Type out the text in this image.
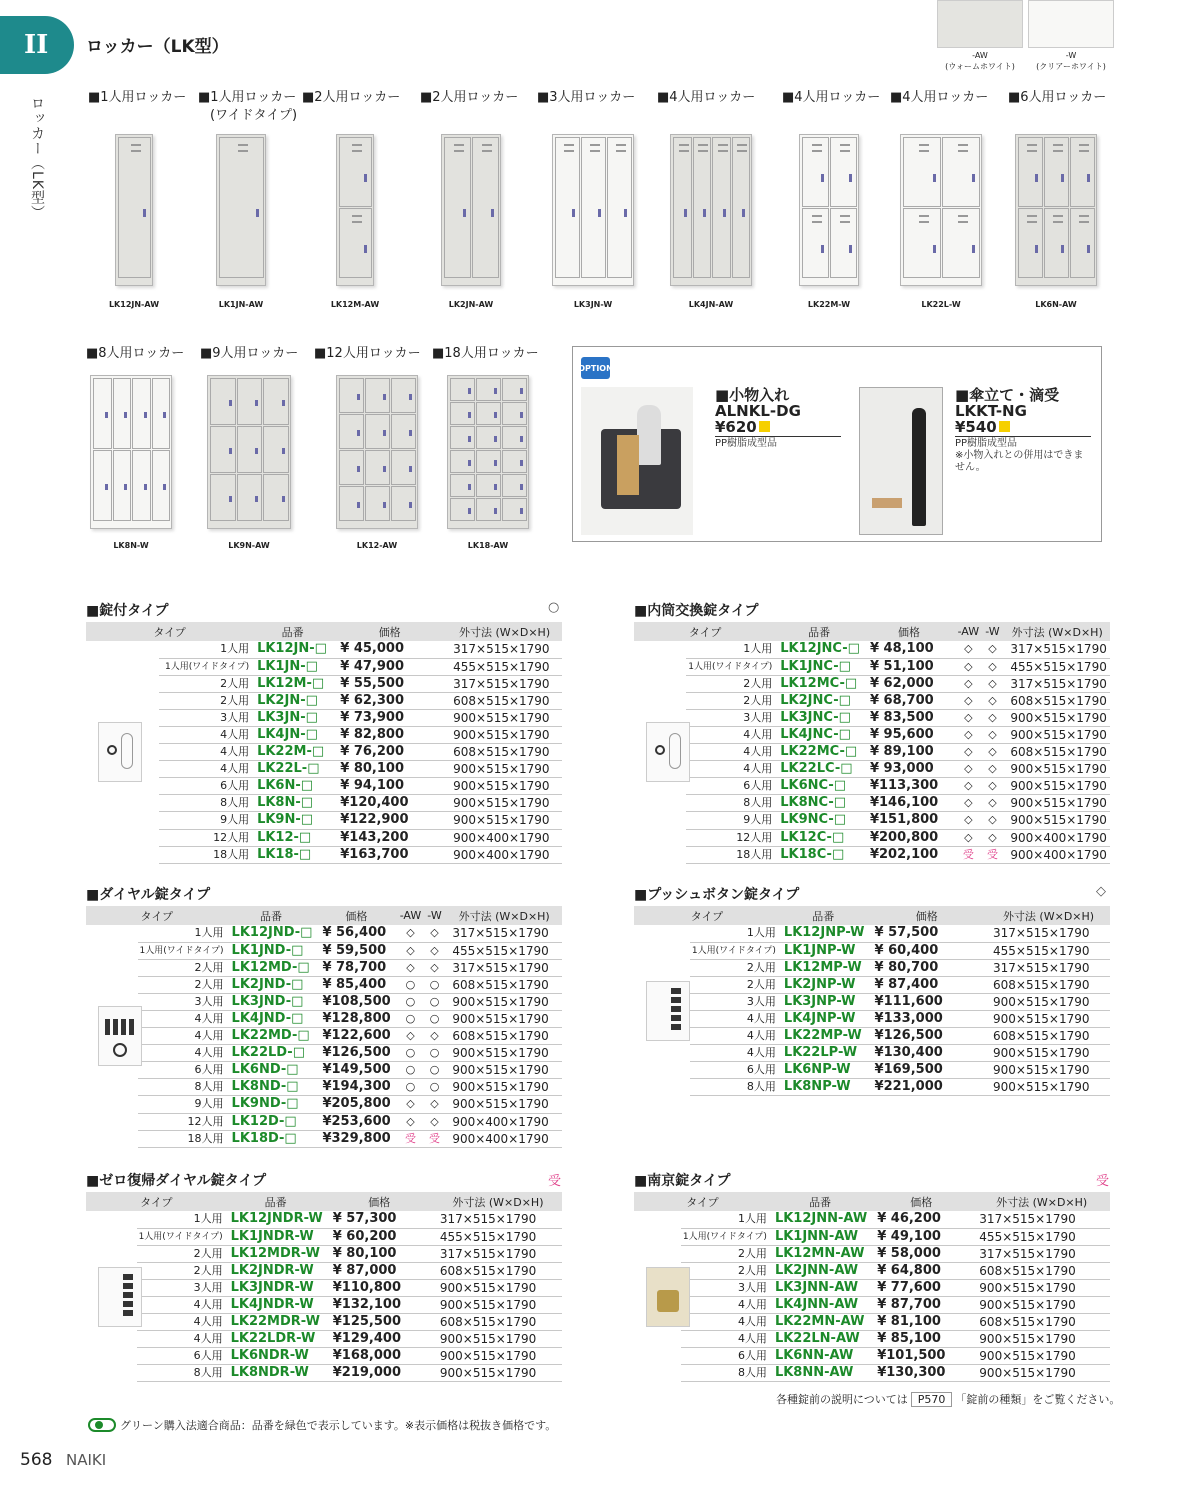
II ロッカー（LK型）
ロッカー（LK型）
-AW
(ウォームホワイト)
-W
(クリアーホワイト)
■1人用ロッカー
LK12JN-AW
■1人用ロッカー
(ワイドタイプ)
LK1JN-AW
■2人用ロッカー
LK12M-AW
■2人用ロッカー
LK2JN-AW
■3人用ロッカー
LK3JN-W
■4人用ロッカー
LK4JN-AW
■4人用ロッカー
LK22M-W
■4人用ロッカー
LK22L-W
■6人用ロッカー
LK6N-AW
■8人用ロッカー
LK8N-W
■9人用ロッカー
LK9N-AW
■12人用ロッカー
LK12-AW
■18人用ロッカー
LK18-AW
OPTION
■小物入れ
ALNKL-DG
¥620
PP樹脂成型品
■傘立て・滴受
LKKT-NG
¥540
PP樹脂成型品
※小物入れとの併用はできません。
■錠付タイプ	○
タイプ		品番	価格	外寸法 (W×D×H)

	1人用	LK12JN-□	¥ 45,000	317×515×1790
	1人用(ワイドタイプ)	LK1JN-□	¥ 47,900	455×515×1790
	2人用	LK12M-□	¥ 55,500	317×515×1790
	2人用	LK2JN-□	¥ 62,300	608×515×1790
	3人用	LK3JN-□	¥ 73,900	900×515×1790
	4人用	LK4JN-□	¥ 82,800	900×515×1790
	4人用	LK22M-□	¥ 76,200	608×515×1790
	4人用	LK22L-□	¥ 80,100	900×515×1790
	6人用	LK6N-□	¥ 94,100	900×515×1790
	8人用	LK8N-□	¥120,400	900×515×1790
	9人用	LK9N-□	¥122,900	900×515×1790
	12人用	LK12-□	¥143,200	900×400×1790
	18人用	LK18-□	¥163,700	900×400×1790
■内筒交換錠タイプ
タイプ		品番	価格	-AW	-W	外寸法 (W×D×H)

	1人用	LK12JNC-□	¥ 48,100	◇	◇	317×515×1790
	1人用(ワイドタイプ)	LK1JNC-□	¥ 51,100	◇	◇	455×515×1790
	2人用	LK12MC-□	¥ 62,000	◇	◇	317×515×1790
	2人用	LK2JNC-□	¥ 68,700	◇	◇	608×515×1790
	3人用	LK3JNC-□	¥ 83,500	◇	◇	900×515×1790
	4人用	LK4JNC-□	¥ 95,600	◇	◇	900×515×1790
	4人用	LK22MC-□	¥ 89,100	◇	◇	608×515×1790
	4人用	LK22LC-□	¥ 93,000	◇	◇	900×515×1790
	6人用	LK6NC-□	¥113,300	◇	◇	900×515×1790
	8人用	LK8NC-□	¥146,100	◇	◇	900×515×1790
	9人用	LK9NC-□	¥151,800	◇	◇	900×515×1790
	12人用	LK12C-□	¥200,800	◇	◇	900×400×1790
	18人用	LK18C-□	¥202,100	受	受	900×400×1790
■ダイヤル錠タイプ
タイプ		品番	価格	-AW	-W	外寸法 (W×D×H)

	1人用	LK12JND-□	¥ 56,400	◇	◇	317×515×1790
	1人用(ワイドタイプ)	LK1JND-□	¥ 59,500	◇	◇	455×515×1790
	2人用	LK12MD-□	¥ 78,700	◇	◇	317×515×1790
	2人用	LK2JND-□	¥ 85,400	○	○	608×515×1790
	3人用	LK3JND-□	¥108,500	○	○	900×515×1790
	4人用	LK4JND-□	¥128,800	○	○	900×515×1790
	4人用	LK22MD-□	¥122,600	◇	◇	608×515×1790
	4人用	LK22LD-□	¥126,500	○	○	900×515×1790
	6人用	LK6ND-□	¥149,500	○	○	900×515×1790
	8人用	LK8ND-□	¥194,300	○	○	900×515×1790
	9人用	LK9ND-□	¥205,800	◇	◇	900×515×1790
	12人用	LK12D-□	¥253,600	◇	◇	900×400×1790
	18人用	LK18D-□	¥329,800	受	受	900×400×1790
■プッシュボタン錠タイプ	◇
タイプ		品番	価格	外寸法 (W×D×H)

	1人用	LK12JNP-W	¥ 57,500	317×515×1790
	1人用(ワイドタイプ)	LK1JNP-W	¥ 60,400	455×515×1790
	2人用	LK12MP-W	¥ 80,700	317×515×1790
	2人用	LK2JNP-W	¥ 87,400	608×515×1790
	3人用	LK3JNP-W	¥111,600	900×515×1790
	4人用	LK4JNP-W	¥133,000	900×515×1790
	4人用	LK22MP-W	¥126,500	608×515×1790
	4人用	LK22LP-W	¥130,400	900×515×1790
	6人用	LK6NP-W	¥169,500	900×515×1790
	8人用	LK8NP-W	¥221,000	900×515×1790
■ゼロ復帰ダイヤル錠タイプ	受
タイプ		品番	価格	外寸法 (W×D×H)

	1人用	LK12JNDR-W	¥ 57,300	317×515×1790
	1人用(ワイドタイプ)	LK1JNDR-W	¥ 60,200	455×515×1790
	2人用	LK12MDR-W	¥ 80,100	317×515×1790
	2人用	LK2JNDR-W	¥ 87,000	608×515×1790
	3人用	LK3JNDR-W	¥110,800	900×515×1790
	4人用	LK4JNDR-W	¥132,100	900×515×1790
	4人用	LK22MDR-W	¥125,500	608×515×1790
	4人用	LK22LDR-W	¥129,400	900×515×1790
	6人用	LK6NDR-W	¥168,000	900×515×1790
	8人用	LK8NDR-W	¥219,000	900×515×1790
■南京錠タイプ	受
タイプ		品番	価格	外寸法 (W×D×H)

	1人用	LK12JNN-AW	¥ 46,200	317×515×1790
	1人用(ワイドタイプ)	LK1JNN-AW	¥ 49,100	455×515×1790
	2人用	LK12MN-AW	¥ 58,000	317×515×1790
	2人用	LK2JNN-AW	¥ 64,800	608×515×1790
	3人用	LK3JNN-AW	¥ 77,600	900×515×1790
	4人用	LK4JNN-AW	¥ 87,700	900×515×1790
	4人用	LK22MN-AW	¥ 81,100	608×515×1790
	4人用	LK22LN-AW	¥ 85,100	900×515×1790
	6人用	LK6NN-AW	¥101,500	900×515×1790
	8人用	LK8NN-AW	¥130,300	900×515×1790
各種錠前の説明については P570 「錠前の種類」をご覧ください。
グリーン購入法適合商品：品番を緑色で表示しています。※表示価格は税抜き価格です。
568 NAIKI
